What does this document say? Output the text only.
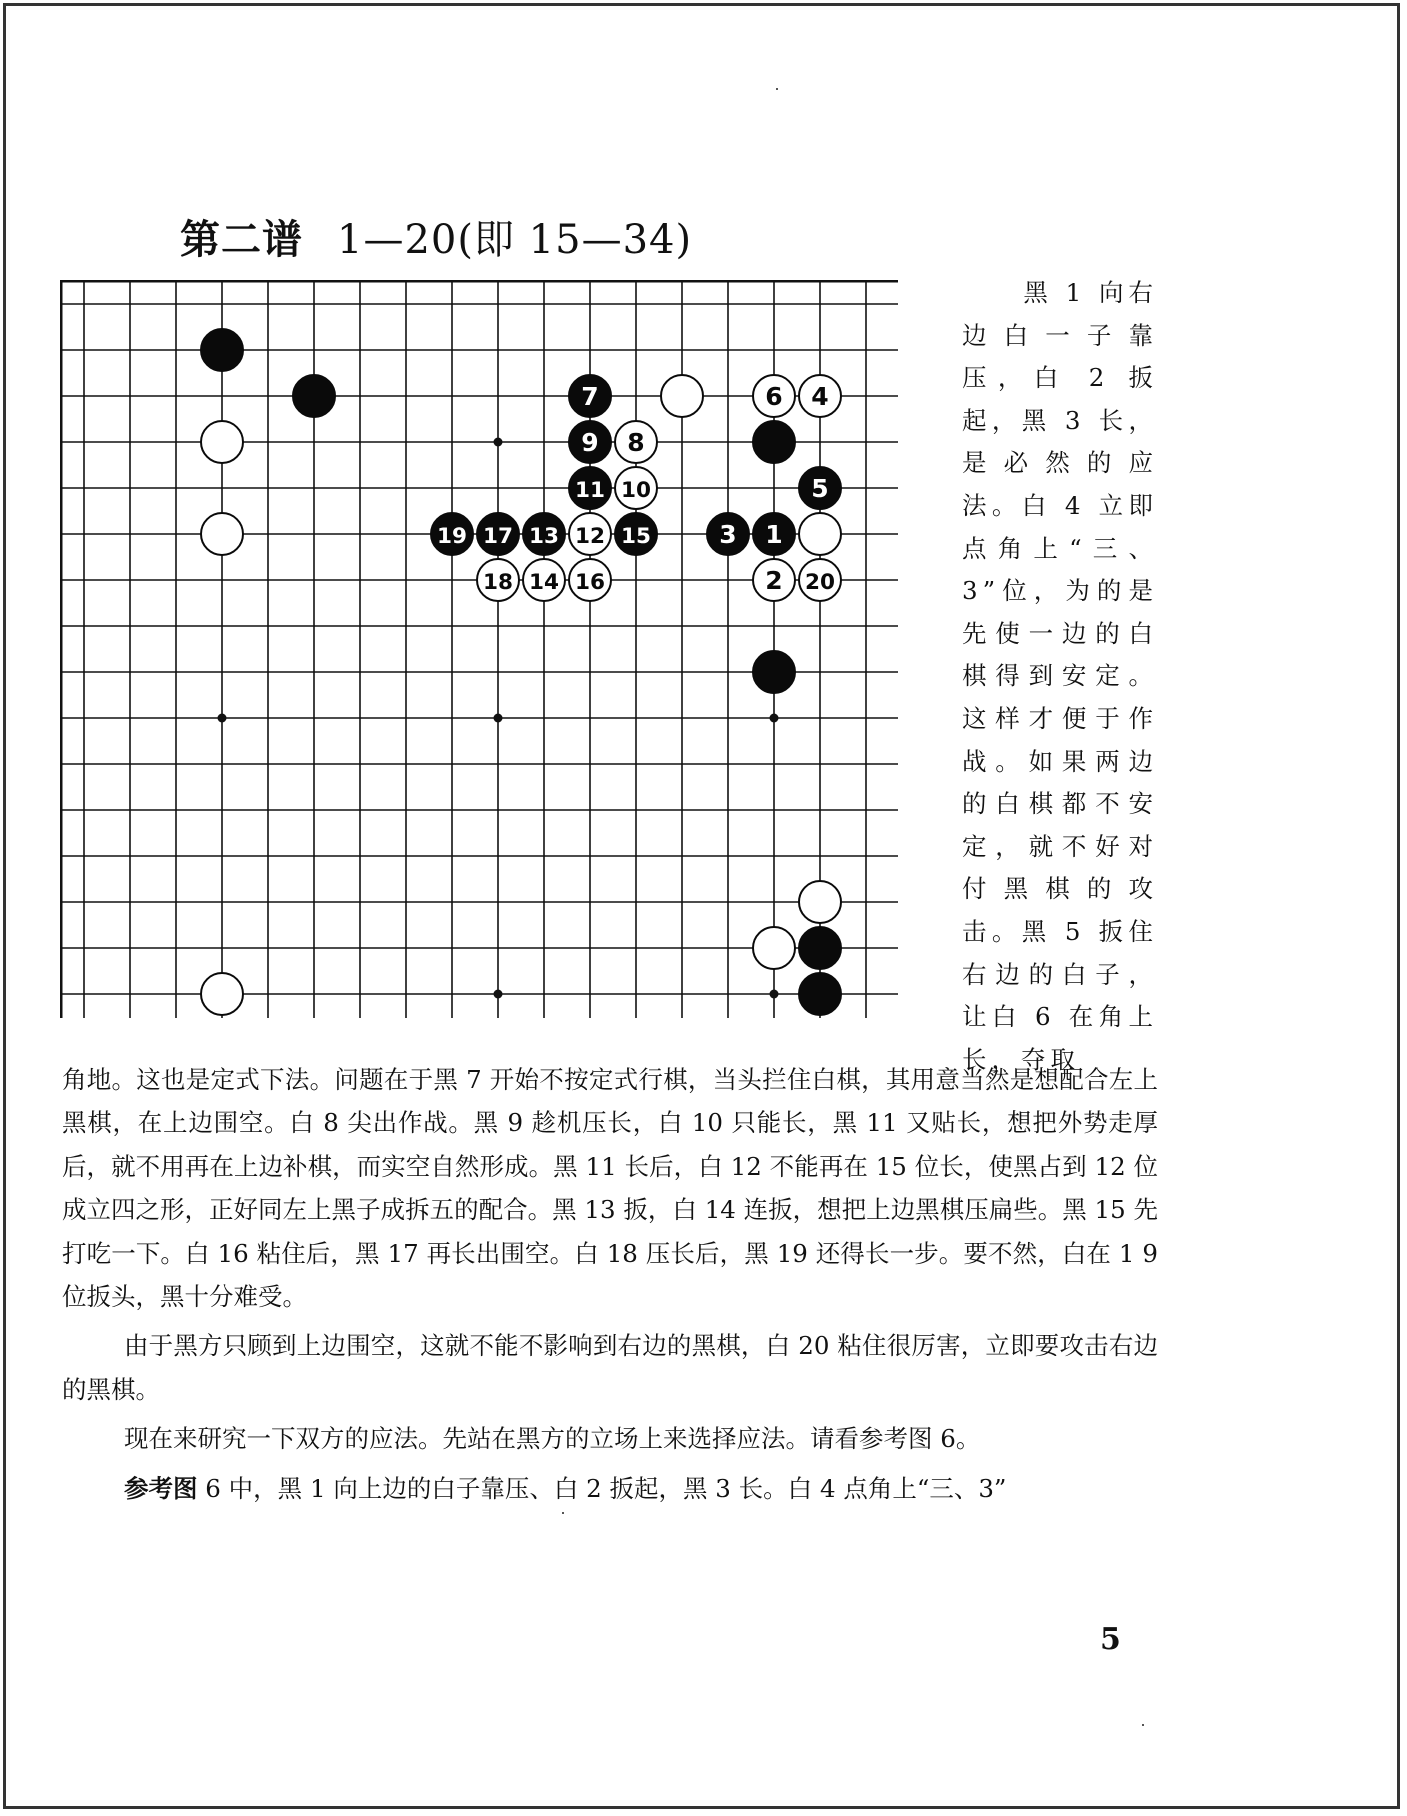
第二谱 1—20(即 15—34)
7	6 4
9 8
11 10	5
19 17 13 12 15	3 1
18 14 16	2 20
黑 1 向右
边白一子靠压，白 2 扳起，黑 3 长，是必然的应法。白 4 立即点角上“三、3”位，为的是先使一边的白棋得到安定。这样才便于作战。如果两边的白棋都不安定，就不好对付黑棋的攻击。黑 5 扳住右边的白子，让白 6 在角上长，夺取

角地。这也是定式下法。问题在于黑 7 开始不按定式行棋，当头拦住白棋，其用意当然是想配合左上黑棋，在上边围空。白 8 尖出作战。黑 9 趁机压长，白 10 只能长，黑 11 又贴长，想把外势走厚后，就不用再在上边补棋，而实空自然形成。黑 11 长后，白 12 不能再在 15 位长，使黑占到 12 位成立四之形，正好同左上黑子成拆五的配合。黑 13 扳，白 14 连扳，想把上边黑棋压扁些。黑 15 先打吃一下。白 16 粘住后，黑 17 再长出围空。白 18 压长后，黑 19 还得长一步。要不然，白在 1 9 位扳头，黑十分难受。

由于黑方只顾到上边围空，这就不能不影响到右边的黑棋，白 20 粘住很厉害，立即要攻击右边的黑棋。

现在来研究一下双方的应法。先站在黑方的立场上来选择应法。请看参考图 6。

参考图 6 中，黑 1 向上边的白子靠压、白 2 扳起，黑 3 长。白 4 点角上“三、3”

5
